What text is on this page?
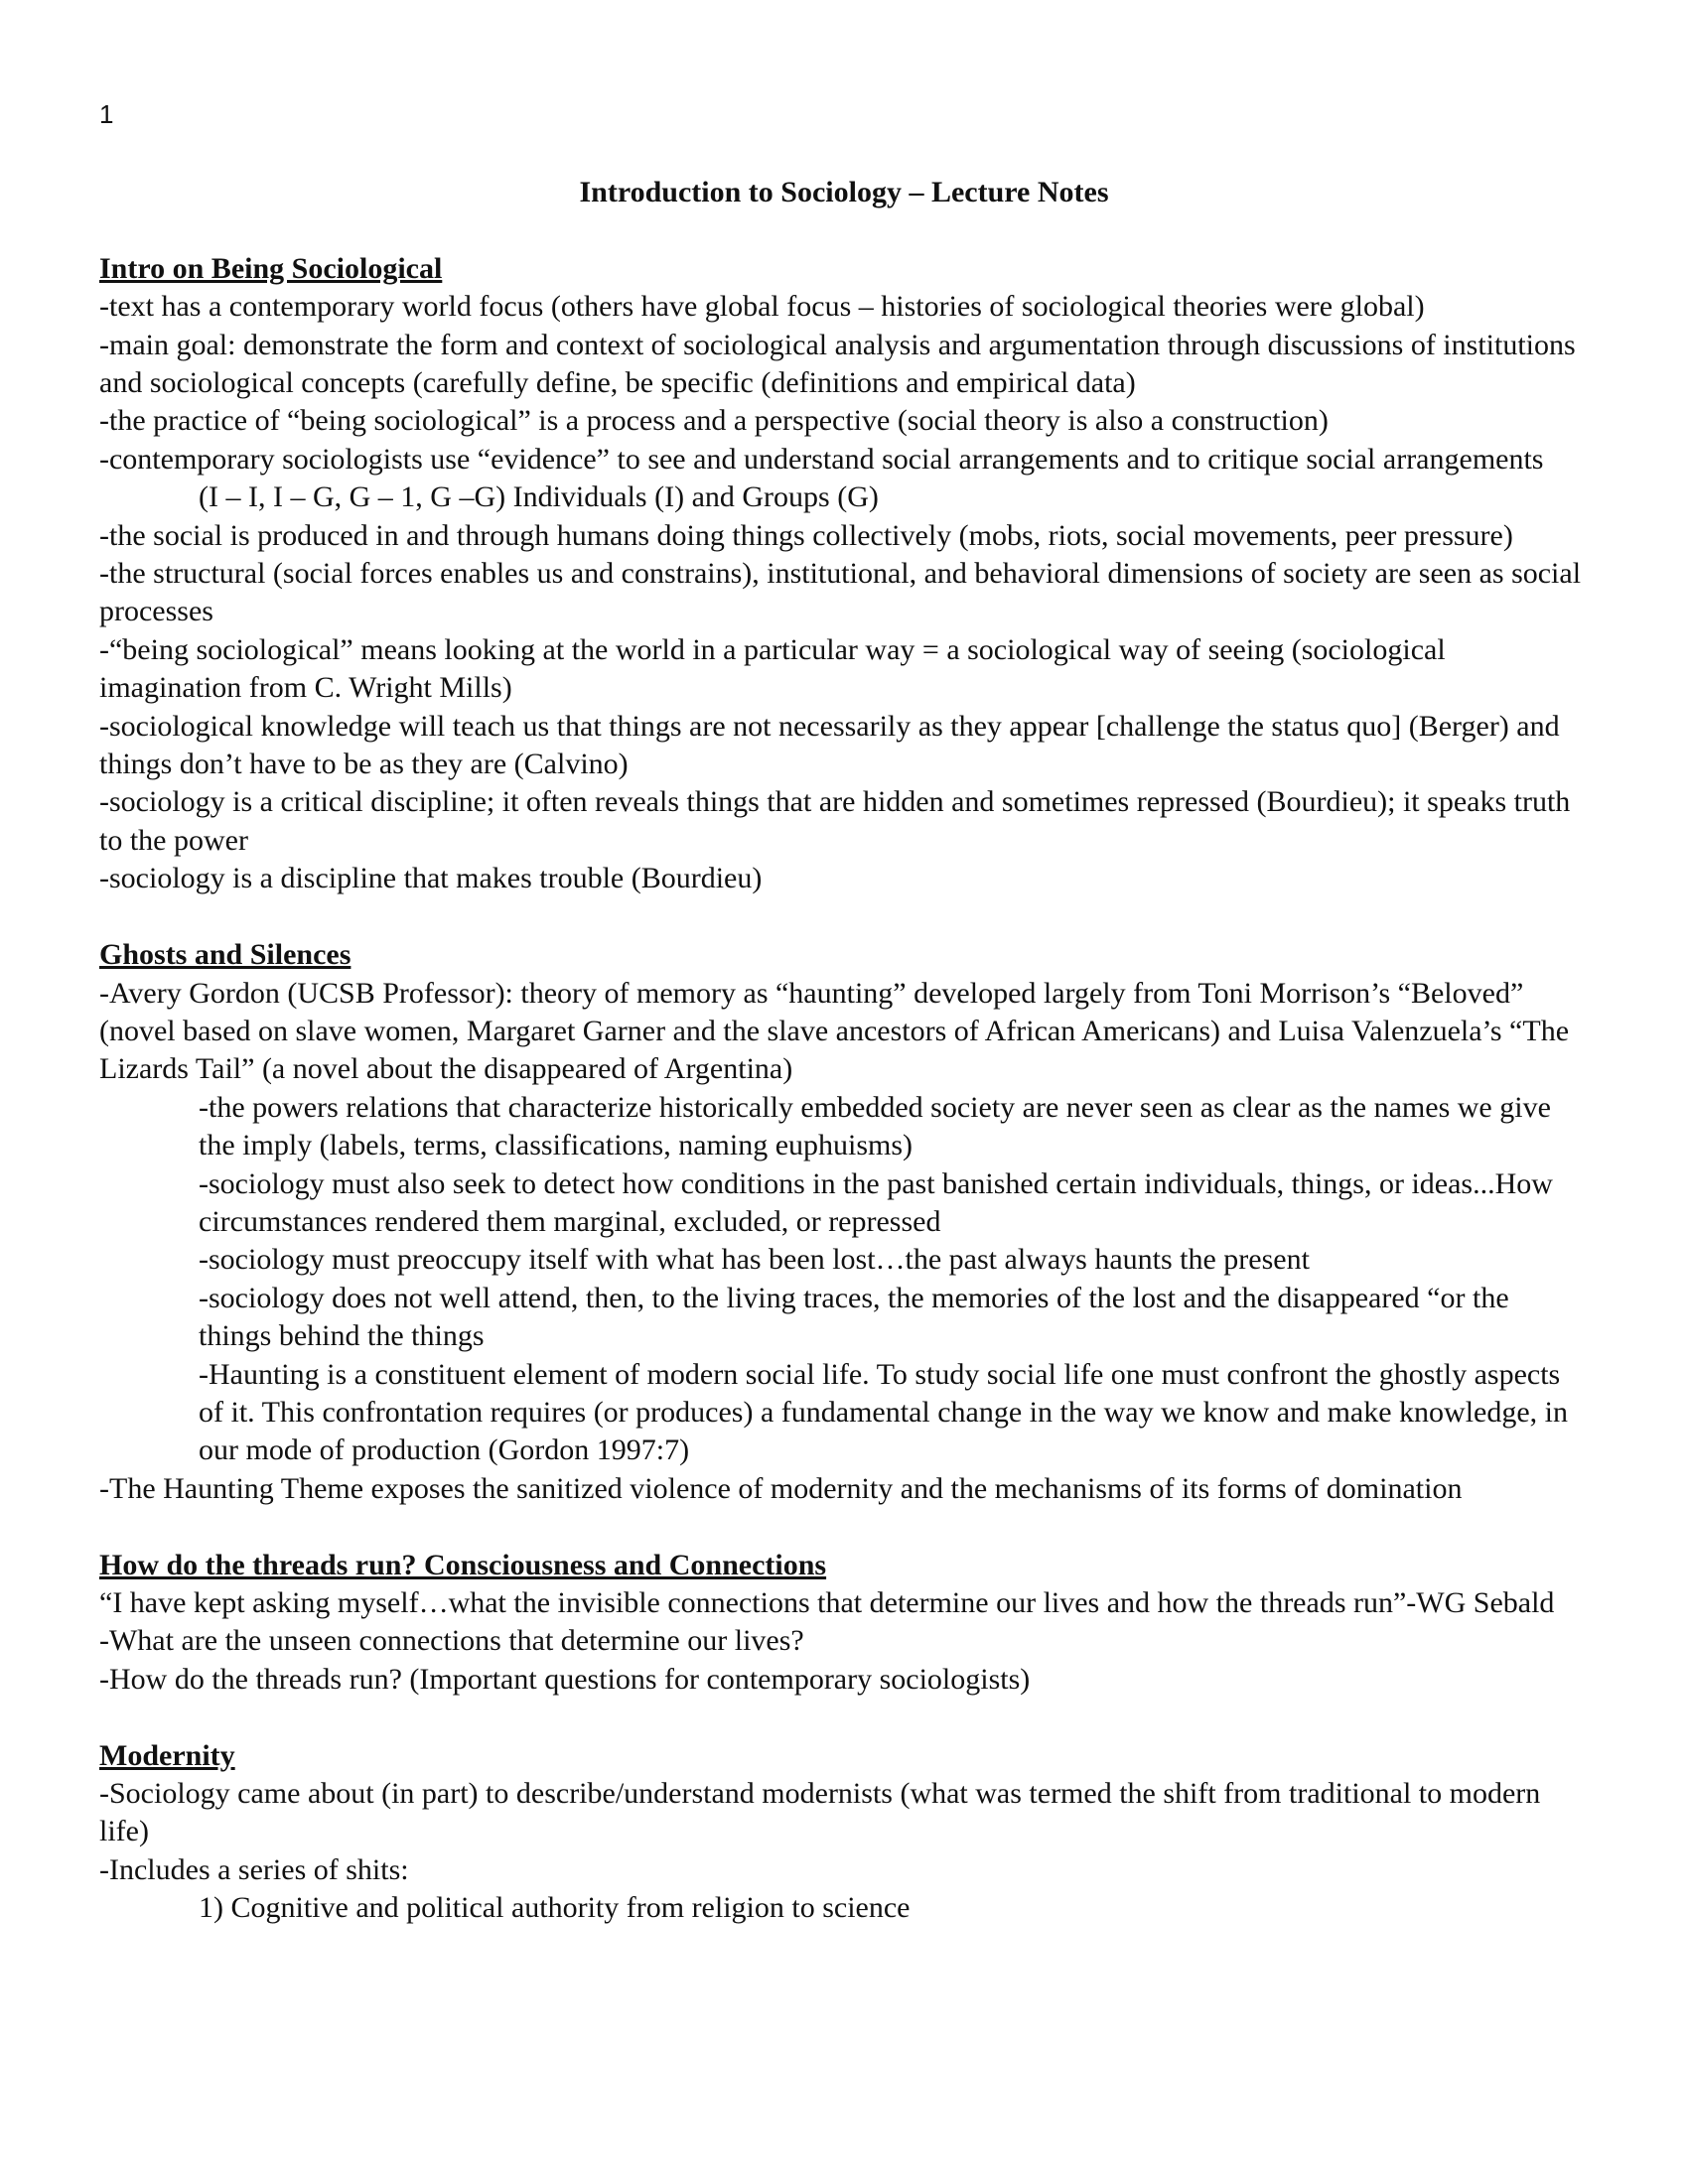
1
Introduction to Sociology – Lecture Notes
Intro on Being Sociological

-text has a contemporary world focus (others have global focus – histories of sociological theories were global)

-main goal: demonstrate the form and context of sociological analysis and argumentation through discussions of institutions and sociological concepts (carefully define, be specific (definitions and empirical data)

-the practice of “being sociological” is a process and a perspective (social theory is also a construction)

-contemporary sociologists use “evidence” to see and understand social arrangements and to critique social arrangements

(I – I, I – G, G – 1, G –G) Individuals (I) and Groups (G)

-the social is produced in and through humans doing things collectively (mobs, riots, social movements, peer pressure)

-the structural (social forces enables us and constrains), institutional, and behavioral dimensions of society are seen as social processes

-“being sociological” means looking at the world in a particular way = a sociological way of seeing (sociological imagination from C. Wright Mills)

-sociological knowledge will teach us that things are not necessarily as they appear [challenge the status quo] (Berger) and things don’t have to be as they are (Calvino)

-sociology is a critical discipline; it often reveals things that are hidden and sometimes repressed (Bourdieu); it speaks truth to the power

-sociology is a discipline that makes trouble (Bourdieu)

Ghosts and Silences

-Avery Gordon (UCSB Professor): theory of memory as “haunting” developed largely from Toni Morrison’s “Beloved” (novel based on slave women, Margaret Garner and the slave ancestors of African Americans) and Luisa Valenzuela’s “The Lizards Tail” (a novel about the disappeared of Argentina)

-the powers relations that characterize historically embedded society are never seen as clear as the names we give the imply (labels, terms, classifications, naming euphuisms)

-sociology must also seek to detect how conditions in the past banished certain individuals, things, or ideas...How circumstances rendered them marginal, excluded, or repressed

-sociology must preoccupy itself with what has been lost…the past always haunts the present

-sociology does not well attend, then, to the living traces, the memories of the lost and the disappeared “or the things behind the things

-Haunting is a constituent element of modern social life. To study social life one must confront the ghostly aspects of it. This confrontation requires (or produces) a fundamental change in the way we know and make knowledge, in our mode of production (Gordon 1997:7)

-The Haunting Theme exposes the sanitized violence of modernity and the mechanisms of its forms of domination

How do the threads run? Consciousness and Connections

“I have kept asking myself…what the invisible connections that determine our lives and how the threads run”-WG Sebald

-What are the unseen connections that determine our lives?

-How do the threads run? (Important questions for contemporary sociologists)

Modernity

-Sociology came about (in part) to describe/understand modernists (what was termed the shift from traditional to modern life)

-Includes a series of shits:

1) Cognitive and political authority from religion to science
